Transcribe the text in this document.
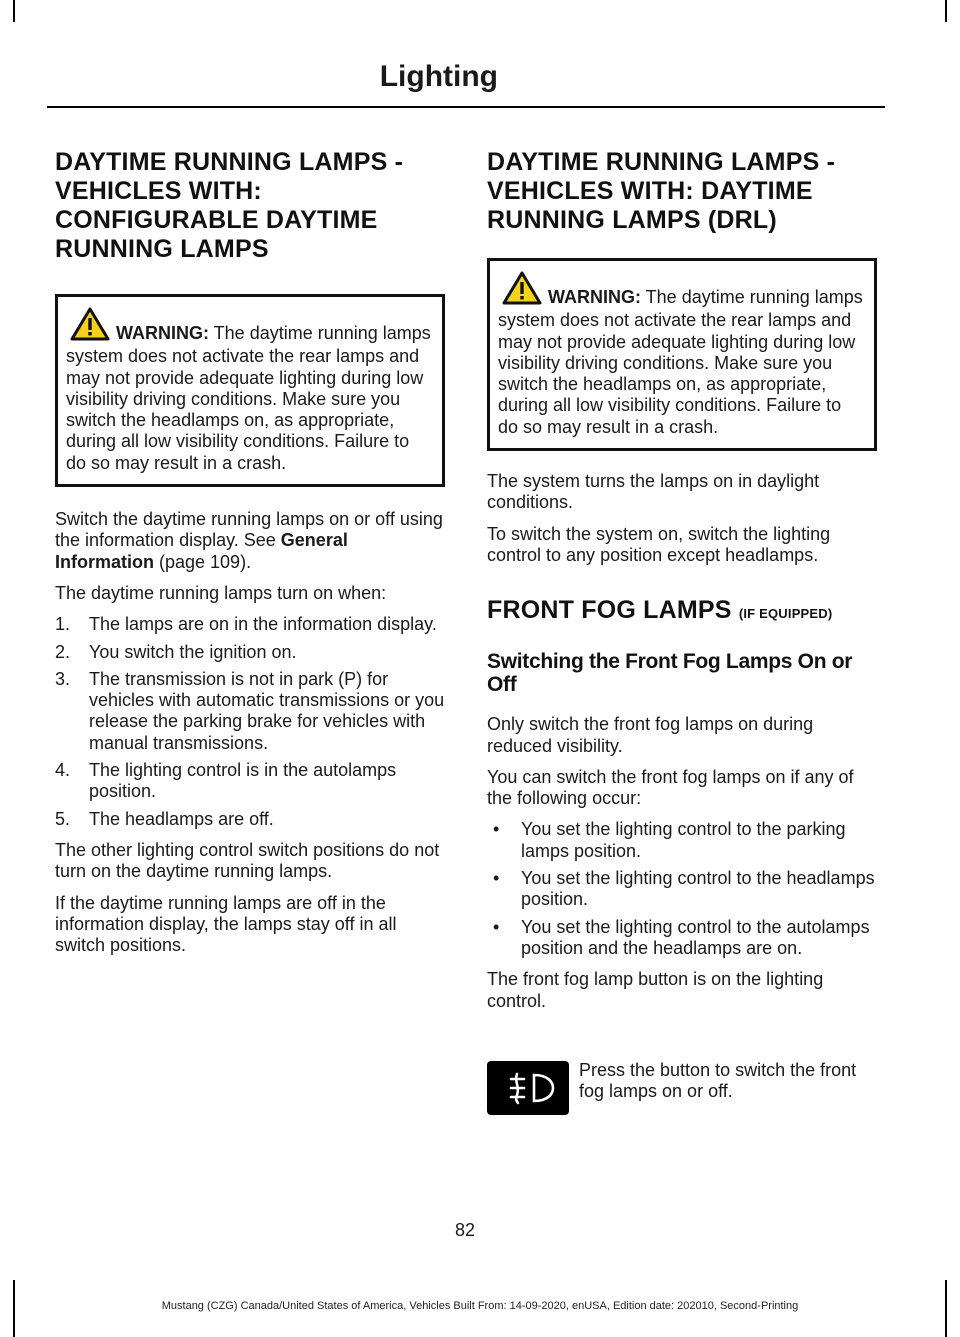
Lighting
DAYTIME RUNNING LAMPS -
VEHICLES WITH:
CONFIGURABLE DAYTIME
RUNNING LAMPS
WARNING: The daytime running lamps system does not activate the rear lamps and may not provide adequate lighting during low visibility driving conditions. Make sure you switch the headlamps on, as appropriate, during all low visibility conditions. Failure to do so may result in a crash.

Switch the daytime running lamps on or off using the information display. See General Information (page 109).

The daytime running lamps turn on when:

1. The lamps are on in the information display.
2. You switch the ignition on.
3. The transmission is not in park (P) for vehicles with automatic transmissions or you release the parking brake for vehicles with manual transmissions.
4. The lighting control is in the autolamps position.
5. The headlamps are off.

The other lighting control switch positions do not turn on the daytime running lamps.

If the daytime running lamps are off in the information display, the lamps stay off in all switch positions.

DAYTIME RUNNING LAMPS -
VEHICLES WITH: DAYTIME
RUNNING LAMPS (DRL)
WARNING: The daytime running lamps system does not activate the rear lamps and may not provide adequate lighting during low visibility driving conditions. Make sure you switch the headlamps on, as appropriate, during all low visibility conditions. Failure to do so may result in a crash.

The system turns the lamps on in daylight conditions.

To switch the system on, switch the lighting control to any position except headlamps.

FRONT FOG LAMPS (IF EQUIPPED)
Switching the Front Fog Lamps On or Off

Only switch the front fog lamps on during reduced visibility.

You can switch the front fog lamps on if any of the following occur:

• You set the lighting control to the parking lamps position.
• You set the lighting control to the headlamps position.
• You set the lighting control to the autolamps position and the headlamps are on.

The front fog lamp button is on the lighting control.

Press the button to switch the front fog lamps on or off.

82
Mustang (CZG) Canada/United States of America, Vehicles Built From: 14-09-2020, enUSA, Edition date: 202010, Second-Printing
